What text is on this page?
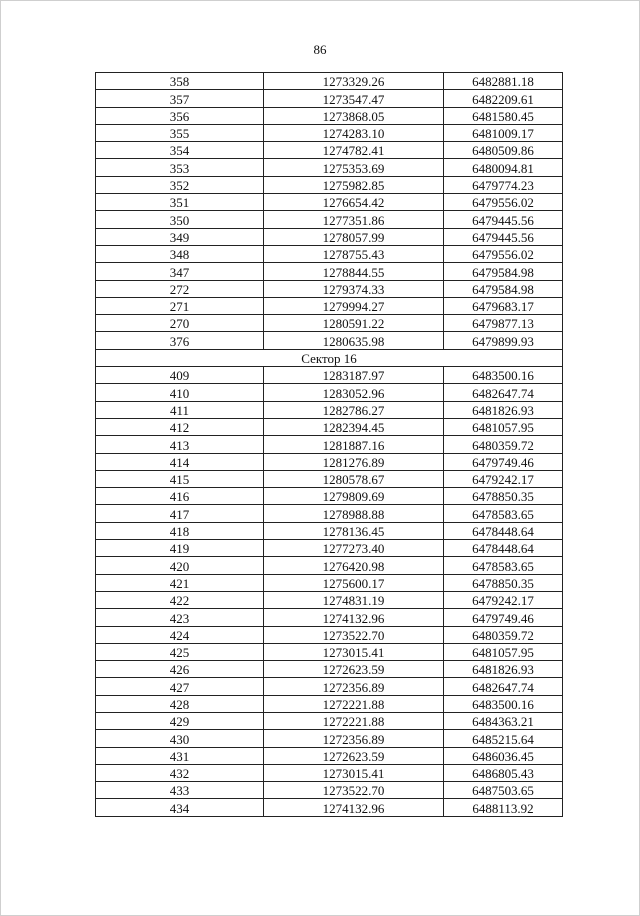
86
358	1273329.26	6482881.18
357	1273547.47	6482209.61
356	1273868.05	6481580.45
355	1274283.10	6481009.17
354	1274782.41	6480509.86
353	1275353.69	6480094.81
352	1275982.85	6479774.23
351	1276654.42	6479556.02
350	1277351.86	6479445.56
349	1278057.99	6479445.56
348	1278755.43	6479556.02
347	1278844.55	6479584.98
272	1279374.33	6479584.98
271	1279994.27	6479683.17
270	1280591.22	6479877.13
376	1280635.98	6479899.93
Сектор 16		
409	1283187.97	6483500.16
410	1283052.96	6482647.74
411	1282786.27	6481826.93
412	1282394.45	6481057.95
413	1281887.16	6480359.72
414	1281276.89	6479749.46
415	1280578.67	6479242.17
416	1279809.69	6478850.35
417	1278988.88	6478583.65
418	1278136.45	6478448.64
419	1277273.40	6478448.64
420	1276420.98	6478583.65
421	1275600.17	6478850.35
422	1274831.19	6479242.17
423	1274132.96	6479749.46
424	1273522.70	6480359.72
425	1273015.41	6481057.95
426	1272623.59	6481826.93
427	1272356.89	6482647.74
428	1272221.88	6483500.16
429	1272221.88	6484363.21
430	1272356.89	6485215.64
431	1272623.59	6486036.45
432	1273015.41	6486805.43
433	1273522.70	6487503.65
434	1274132.96	6488113.92
